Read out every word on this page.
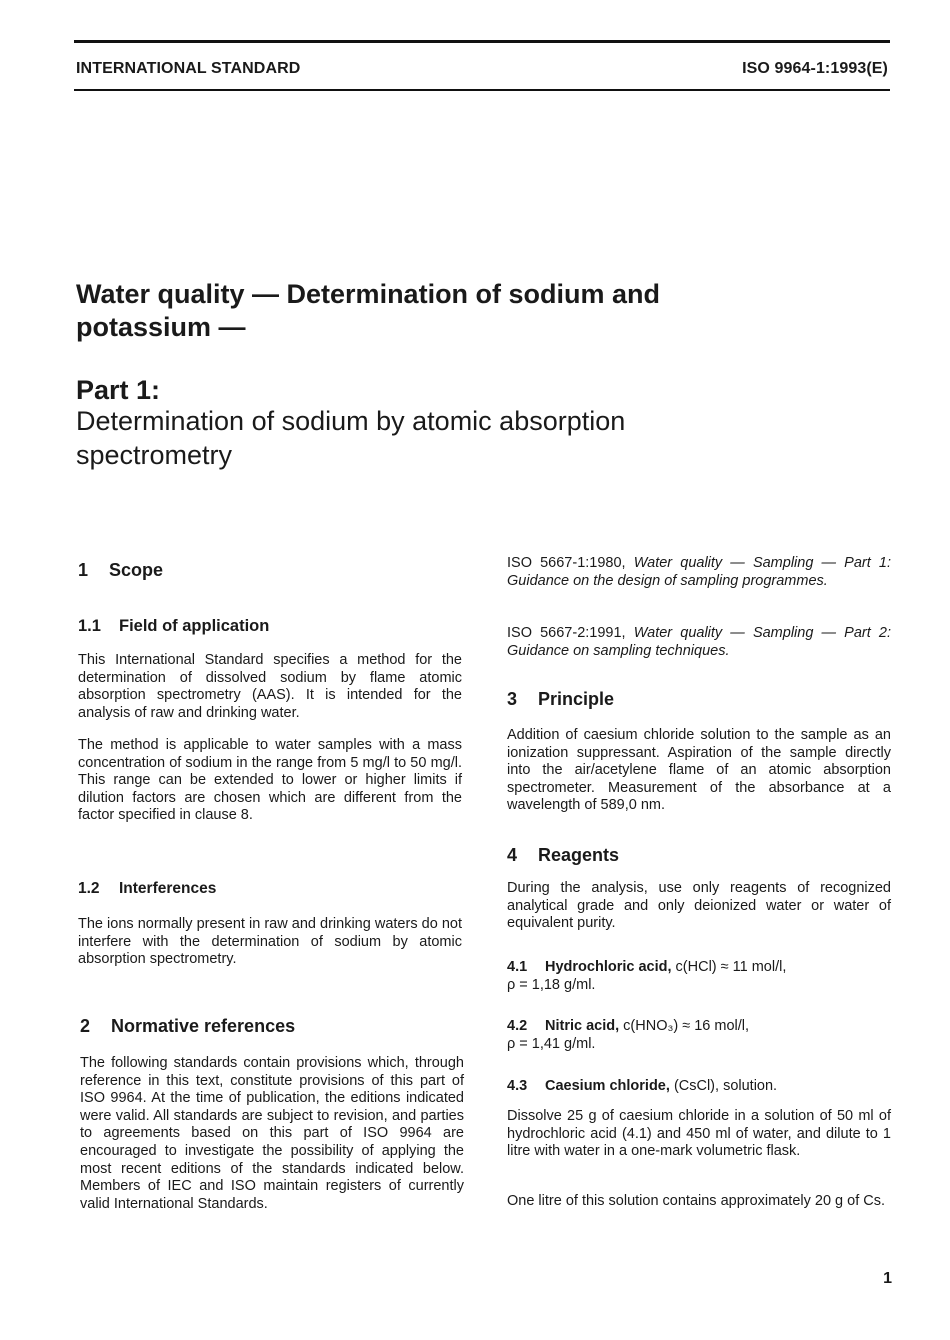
INTERNATIONAL STANDARD	ISO 9964-1:1993(E)
Water quality — Determination of sodium and
potassium —
Part 1:
Determination of sodium by atomic absorption
spectrometry
1 Scope
1.1 Field of application

This International Standard specifies a method for the determination of dissolved sodium by flame atomic absorption spectrometry (AAS). It is intended for the analysis of raw and drinking water.

The method is applicable to water samples with a mass concentration of sodium in the range from 5 mg/l to 50 mg/l. This range can be extended to lower or higher limits if dilution factors are chosen which are different from the factor specified in clause 8.

1.2 Interferences

The ions normally present in raw and drinking waters do not interfere with the determination of sodium by atomic absorption spectrometry.

2 Normative references

The following standards contain provisions which, through reference in this text, constitute provisions of this part of ISO 9964. At the time of publication, the editions indicated were valid. All standards are subject to revision, and parties to agreements based on this part of ISO 9964 are encouraged to investigate the possibility of applying the most recent editions of the standards indicated below. Members of IEC and ISO maintain registers of currently valid International Standards.

ISO 5667-1:1980, Water quality — Sampling — Part 1: Guidance on the design of sampling programmes.

ISO 5667-2:1991, Water quality — Sampling — Part 2: Guidance on sampling techniques.

3 Principle

Addition of caesium chloride solution to the sample as an ionization suppressant. Aspiration of the sample directly into the air/acetylene flame of an atomic absorption spectrometer. Measurement of the absorbance at a wavelength of 589,0 nm.

4 Reagents

During the analysis, use only reagents of recognized analytical grade and only deionized water or water of equivalent purity.

4.1 Hydrochloric acid, c(HCl) ≈ 11 mol/l,
ρ = 1,18 g/ml.

4.2 Nitric acid, c(HNO₃) ≈ 16 mol/l,
ρ = 1,41 g/ml.

4.3 Caesium chloride, (CsCl), solution.

Dissolve 25 g of caesium chloride in a solution of 50 ml of hydrochloric acid (4.1) and 450 ml of water, and dilute to 1 litre with water in a one-mark volumetric flask.

One litre of this solution contains approximately 20 g of Cs.

1
